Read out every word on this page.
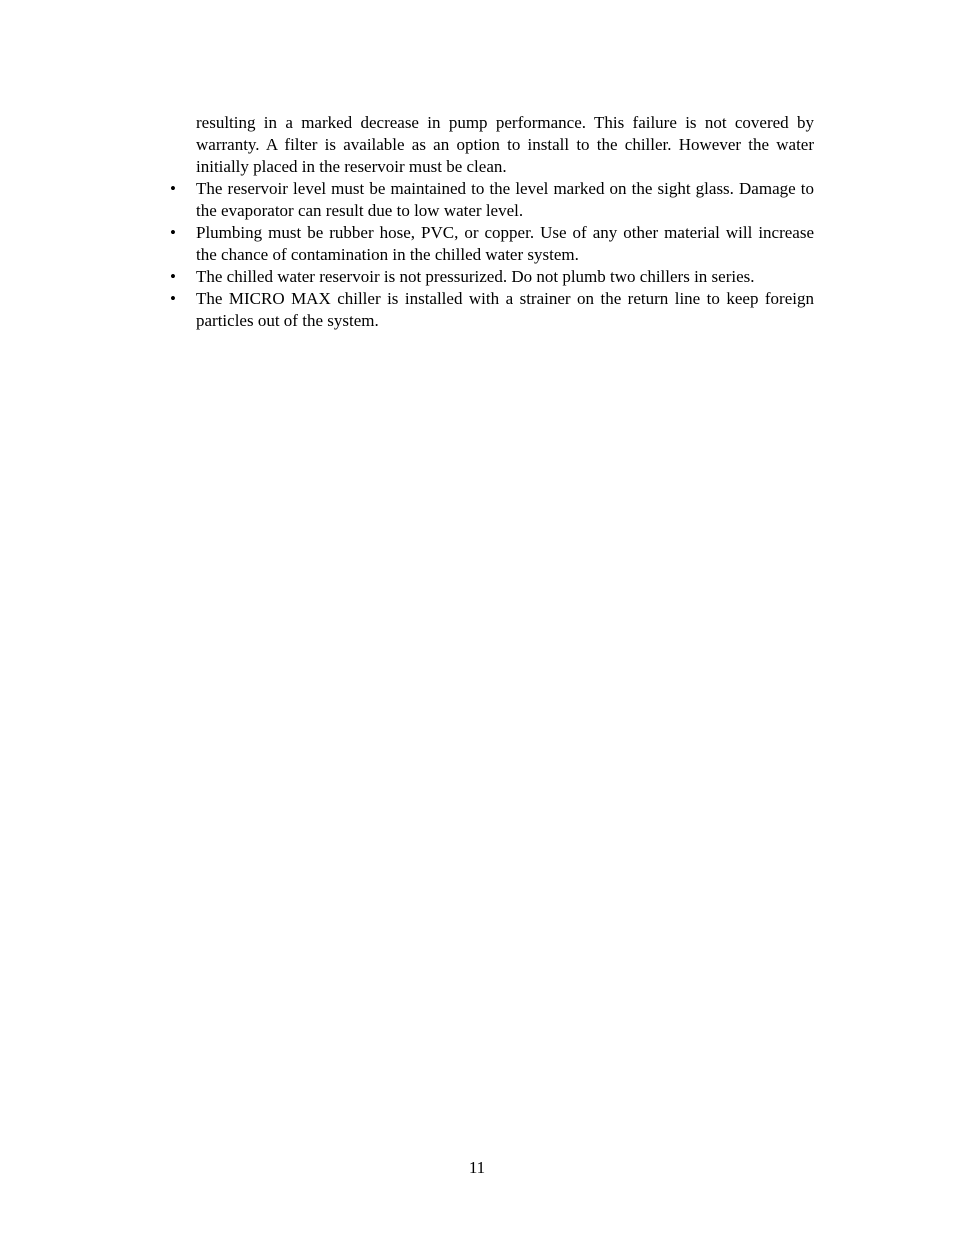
resulting in a marked decrease in pump performance. This failure is not covered by warranty. A filter is available as an option to install to the chiller. However the water initially placed in the reservoir must be clean.

• The reservoir level must be maintained to the level marked on the sight glass. Damage to the evaporator can result due to low water level.
• Plumbing must be rubber hose, PVC, or copper. Use of any other material will increase the chance of contamination in the chilled water system.
• The chilled water reservoir is not pressurized. Do not plumb two chillers in series.
• The MICRO MAX chiller is installed with a strainer on the return line to keep foreign particles out of the system.
11
